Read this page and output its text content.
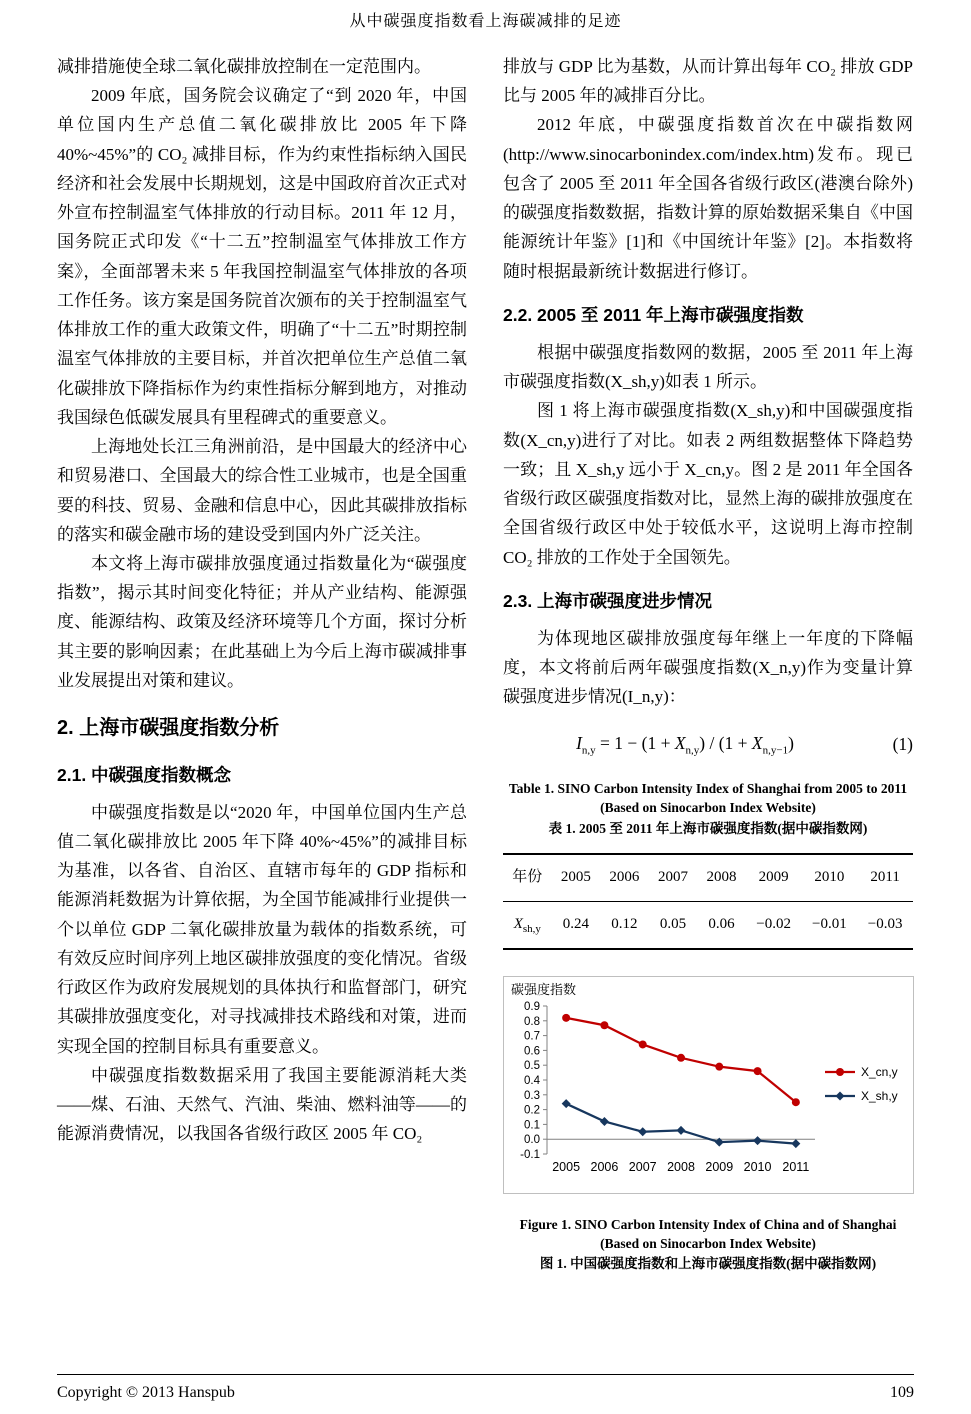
从中碳强度指数看上海碳减排的足迹

减排措施使全球二氧化碳排放控制在一定范围内。

2009 年底，国务院会议确定了“到 2020 年，中国单位国内生产总值二氧化碳排放比 2005 年下降 40%~45%”的 CO₂ 减排目标，作为约束性指标纳入国民经济和社会发展中长期规划，这是中国政府首次正式对外宣布控制温室气体排放的行动目标。2011 年 12 月，国务院正式印发《“十二五”控制温室气体排放工作方案》，全面部署未来 5 年我国控制温室气体排放的各项工作任务。该方案是国务院首次颁布的关于控制温室气体排放工作的重大政策文件，明确了“十二五”时期控制温室气体排放的主要目标，并首次把单位生产总值二氧化碳排放下降指标作为约束性指标分解到地方，对推动我国绿色低碳发展具有里程碑式的重要意义。

上海地处长江三角洲前沿，是中国最大的经济中心和贸易港口、全国最大的综合性工业城市，也是全国重要的科技、贸易、金融和信息中心，因此其碳排放指标的落实和碳金融市场的建设受到国内外广泛关注。

本文将上海市碳排放强度通过指数量化为“碳强度指数”，揭示其时间变化特征；并从产业结构、能源强度、能源结构、政策及经济环境等几个方面，探讨分析其主要的影响因素；在此基础上为今后上海市碳减排事业发展提出对策和建议。

2. 上海市碳强度指数分析
2.1. 中碳强度指数概念

中碳强度指数是以“2020 年，中国单位国内生产总值二氧化碳排放比 2005 年下降 40%~45%”的减排目标为基准，以各省、自治区、直辖市每年的 GDP 指标和能源消耗数据为计算依据，为全国节能减排行业提供一个以单位 GDP 二氧化碳排放量为载体的指数系统，可有效反应时间序列上地区碳排放强度的变化情况。省级行政区作为政府发展规划的具体执行和监督部门，研究其碳排放强度变化，对寻找减排技术路线和对策，进而实现全国的控制目标具有重要意义。

中碳强度指数数据采用了我国主要能源消耗大类——煤、石油、天然气、汽油、柴油、燃料油等——的能源消费情况，以我国各省级行政区 2005 年 CO₂

排放与 GDP 比为基数，从而计算出每年 CO₂ 排放 GDP 比与 2005 年的减排百分比。

2012 年底，中碳强度指数首次在中碳指数网(http://www.sinocarbonindex.com/index.htm)发布。现已包含了 2005 至 2011 年全国各省级行政区(港澳台除外)的碳强度指数数据，指数计算的原始数据采集自《中国能源统计年鉴》[1]和《中国统计年鉴》[2]。本指数将随时根据最新统计数据进行修订。

2.2. 2005 至 2011 年上海市碳强度指数

根据中碳强度指数网的数据，2005 至 2011 年上海市碳强度指数(X_sh,y)如表 1 所示。

图 1 将上海市碳强度指数(X_sh,y)和中国碳强度指数(X_cn,y)进行了对比。如表 2 两组数据整体下降趋势一致；且 X_sh,y 远小于 X_cn,y。图 2 是 2011 年全国各省级行政区碳强度指数对比，显然上海的碳排放强度在全国省级行政区中处于较低水平，这说明上海市控制 CO₂ 排放的工作处于全国领先。

2.3. 上海市碳强度进步情况

为体现地区碳排放强度每年继上一年度的下降幅度，本文将前后两年碳强度指数(X_n,y)作为变量计算碳强度进步情况(I_n,y)：

$I_{n,y} = 1 - (1 + X_{n,y}) / (1 + X_{n,y-1})$	(1)
Table 1. SINO Carbon Intensity Index of Shanghai from 2005 to 2011 (Based on Sinocarbon Index Website)
表 1. 2005 至 2011 年上海市碳强度指数(据中碳指数网)
年份	2005	2006	2007	2008	2009	2010	2011
$X_{sh,y}$	0.24	0.12	0.05	0.06	−0.02	−0.01	−0.03
碳强度指数
0.9
0.8
0.7
0.6
0.5
0.4
0.3
0.2
0.1
0.0
-0.1
2005 2006 2007 2008 2009 2010 2011
X_cn,y
X_sh,y
Figure 1. SINO Carbon Intensity Index of China and of Shanghai (Based on Sinocarbon Index Website)
图 1. 中国碳强度指数和上海市碳强度指数(据中碳指数网)
Copyright © 2013 Hanspub	109
